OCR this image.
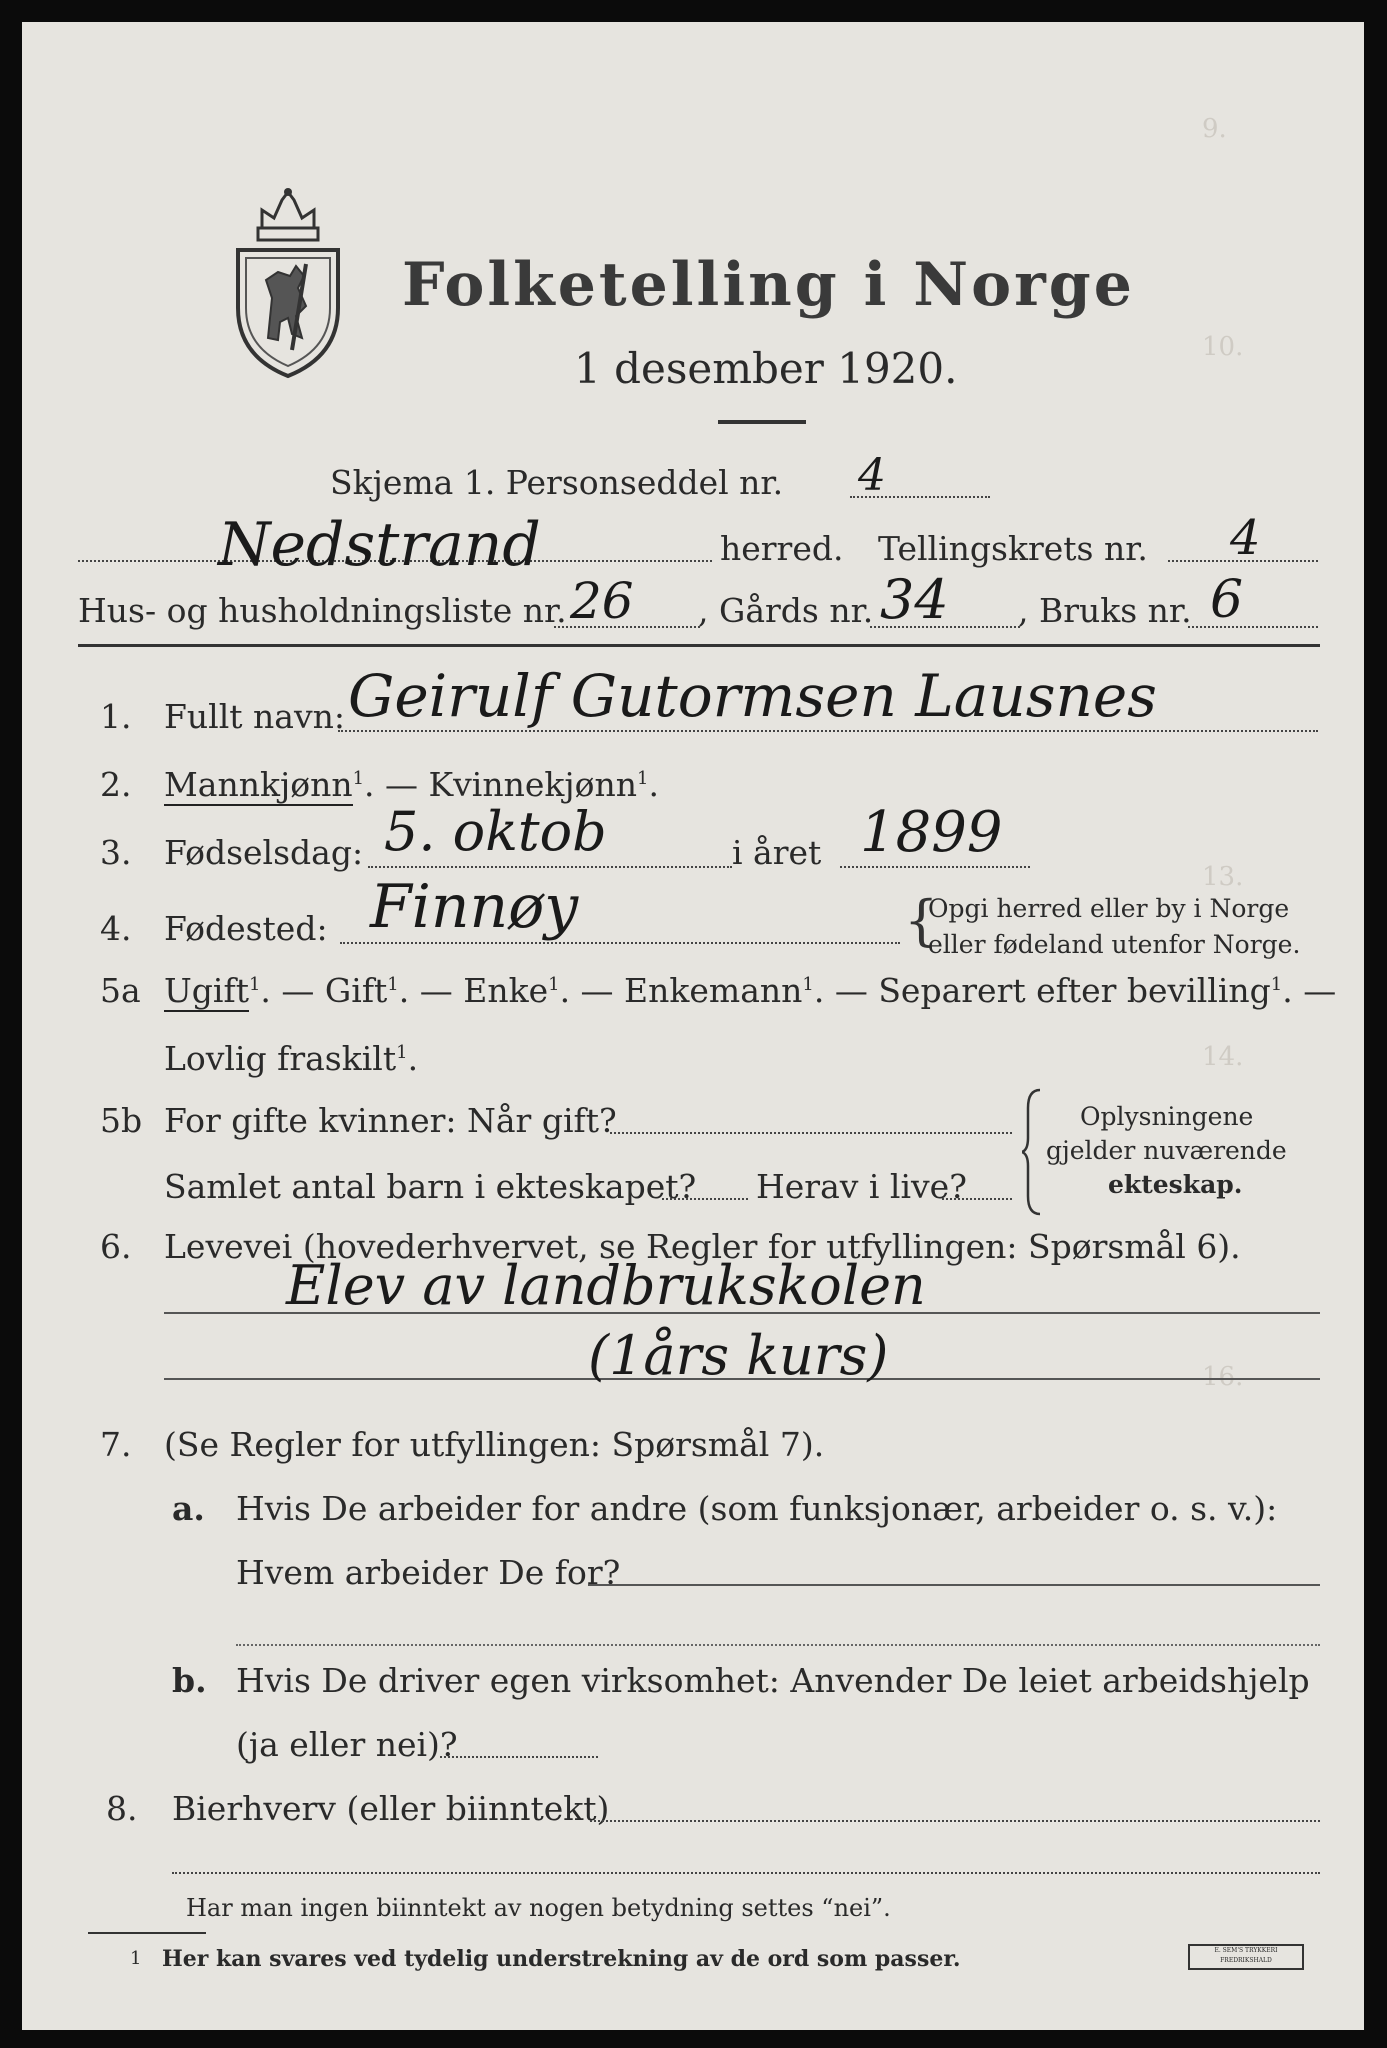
9.
10.
13.
14.
16.
Folketelling i Norge
1 desember 1920.
Skjema 1. Personseddel nr. 4
Nedstrand	herred. Tellingskrets nr. 4
Hus- og husholdningsliste nr. 26 , Gårds nr. 34 , Bruks nr. 6
1. Fullt navn: Geirulf Gutormsen Lausnes
2. Mannkjønn$^1$. — Kvinnekjønn$^1$.
3. Fødselsdag: 5. oktob	i året 1899
4. Fødested: Finnøy	{
Opgi herred eller by i Norge
eller fødeland utenfor Norge.
5a Ugift$^1$. — Gift$^1$. — Enke$^1$. — Enkemann$^1$. — Separert efter bevilling$^1$. —
Lovlig fraskilt$^1$.
5b For gifte kvinner: Når gift?
Samlet antal barn i ekteskapet? Herav i live?
Oplysningene
gjelder nuværende
ekteskap.
6. Levevei (hovederhvervet, se Regler for utfyllingen: Spørsmål 6).
Elev av landbrukskolen
(1års kurs)
7. (Se Regler for utfyllingen: Spørsmål 7).
a. Hvis De arbeider for andre (som funksjonær, arbeider o. s. v.):
Hvem arbeider De for?
b. Hvis De driver egen virksomhet: Anvender De leiet arbeidshjelp
(ja eller nei)?
8. Bierhverv (eller biinntekt)
Har man ingen biinntekt av nogen betydning settes “nei”.
1 Her kan svares ved tydelig understrekning av de ord som passer.	E. SEM'S TRYKKERI FREDRIKSHALD
